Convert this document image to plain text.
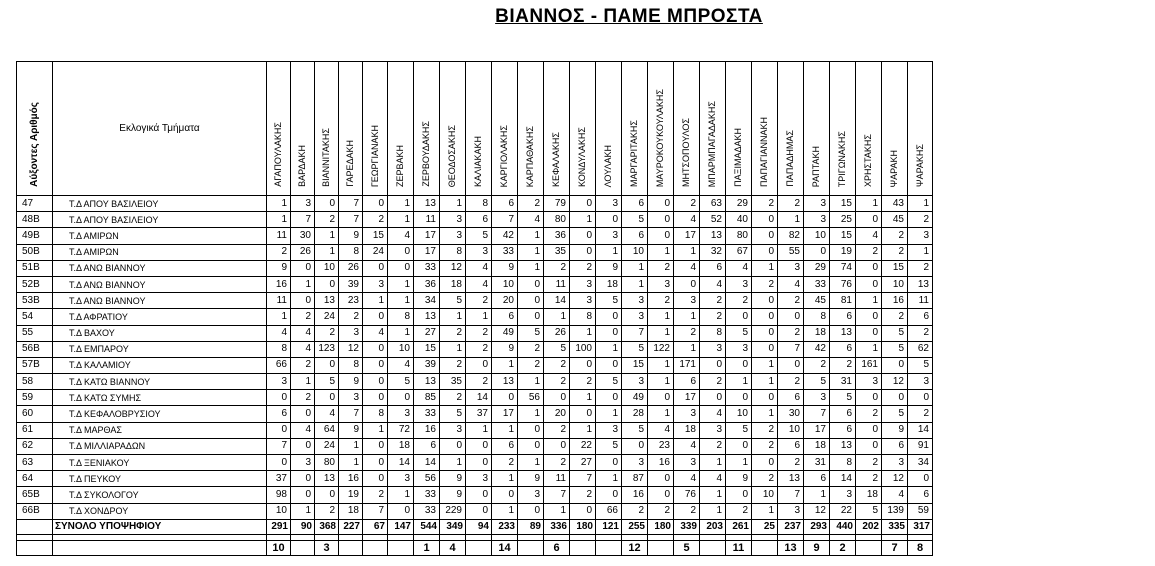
ΒΙΑΝΝΟΣ - ΠΑΜΕ ΜΠΡΟΣΤΑ
Αύξοντες Αριθμός	Εκλογικά Τμήματα	ΑΓΑΠΟΥΛΑΚΗΣ	ΒΑΡΔΑΚΗ	ΒΙΑΝΝΙΤΑΚΗΣ	ΓΑΡΕΔΑΚΗ	ΓΕΩΡΓΙΑΝΑΚΗ	ΖΕΡΒΑΚΗ	ΖΕΡΒΟΥΔΑΚΗΣ	ΘΕΟΔΟΣΑΚΗΣ	ΚΑΛΙΑΚΑΚΗ	ΚΑΡΓΙΟΛΑΚΗΣ	ΚΑΡΠΑΘΑΚΗΣ	ΚΕΦΑΛΑΚΗΣ	ΚΟΝΔΥΛΑΚΗΣ	ΛΟΥΛΑΚΗ	ΜΑΡΓΑΡΙΤΑΚΗΣ	ΜΑΥΡΟΚΟΥΚΟΥΛΑΚΗΣ	ΜΗΤΣΟΠΟΥΛΟΣ	ΜΠΑΡΜΠΑΓΑΔΑΚΗΣ	ΠΑΞΙΜΑΔΑΚΗ	ΠΑΠΑΓΙΑΝΝΑΚΗ	ΠΑΠΑΔΗΜΑΣ	ΡΑΠΤΑΚΗ	ΤΡΙΓΩΝΑΚΗΣ	ΧΡΗΣΤΑΚΗΣ	ΨΑΡΑΚΗ	ΨΑΡΑΚΗΣ
47	Τ.Δ ΑΠΟΥ ΒΑΣΙΛΕΙΟΥ	1	3	0	7	0	1	13	1	8	6	2	79	0	3	6	0	2	63	29	2	2	3	15	1	43	1
48Β	Τ.Δ ΑΠΟΥ ΒΑΣΙΛΕΙΟΥ	1	7	2	7	2	1	11	3	6	7	4	80	1	0	5	0	4	52	40	0	1	3	25	0	45	2
49Β	Τ.Δ ΑΜΙΡΩΝ	11	30	1	9	15	4	17	3	5	42	1	36	0	3	6	0	17	13	80	0	82	10	15	4	2	3
50Β	Τ.Δ ΑΜΙΡΩΝ	2	26	1	8	24	0	17	8	3	33	1	35	0	1	10	1	1	32	67	0	55	0	19	2	2	1
51Β	Τ.Δ ΑΝΩ ΒΙΑΝΝΟΥ	9	0	10	26	0	0	33	12	4	9	1	2	2	9	1	2	4	6	4	1	3	29	74	0	15	2
52Β	Τ.Δ ΑΝΩ ΒΙΑΝΝΟΥ	16	1	0	39	3	1	36	18	4	10	0	11	3	18	1	3	0	4	3	2	4	33	76	0	10	13
53Β	Τ.Δ ΑΝΩ ΒΙΑΝΝΟΥ	11	0	13	23	1	1	34	5	2	20	0	14	3	5	3	2	3	2	2	0	2	45	81	1	16	11
54	Τ.Δ ΑΦΡΑΤΙΟΥ	1	2	24	2	0	8	13	1	1	6	0	1	8	0	3	1	1	2	0	0	0	8	6	0	2	6
55	Τ.Δ ΒΑΧΟΥ	4	4	2	3	4	1	27	2	2	49	5	26	1	0	7	1	2	8	5	0	2	18	13	0	5	2
56Β	Τ.Δ ΕΜΠΑΡΟΥ	8	4	123	12	0	10	15	1	2	9	2	5	100	1	5	122	1	3	3	0	7	42	6	1	5	62
57Β	Τ.Δ ΚΑΛΑΜΙΟΥ	66	2	0	8	0	4	39	2	0	1	2	2	0	0	15	1	171	0	0	1	0	2	2	161	0	5
58	Τ.Δ ΚΑΤΩ ΒΙΑΝΝΟΥ	3	1	5	9	0	5	13	35	2	13	1	2	2	5	3	1	6	2	1	1	2	5	31	3	12	3
59	Τ.Δ ΚΑΤΩ ΣΥΜΗΣ	0	2	0	3	0	0	85	2	14	0	56	0	1	0	49	0	17	0	0	0	6	3	5	0	0	0
60	Τ.Δ ΚΕΦΑΛΟΒΡΥΣΙΟΥ	6	0	4	7	8	3	33	5	37	17	1	20	0	1	28	1	3	4	10	1	30	7	6	2	5	2
61	Τ.Δ ΜΑΡΘΑΣ	0	4	64	9	1	72	16	3	1	1	0	2	1	3	5	4	18	3	5	2	10	17	6	0	9	14
62	Τ.Δ ΜΙΛΛΙΑΡΑΔΩΝ	7	0	24	1	0	18	6	0	0	6	0	0	22	5	0	23	4	2	0	2	6	18	13	0	6	91
63	Τ.Δ ΞΕΝΙΑΚΟΥ	0	3	80	1	0	14	14	1	0	2	1	2	27	0	3	16	3	1	1	0	2	31	8	2	3	34
64	Τ.Δ ΠΕΥΚΟΥ	37	0	13	16	0	3	56	9	3	1	9	11	7	1	87	0	4	4	9	2	13	6	14	2	12	0
65Β	Τ.Δ ΣΥΚΟΛΟΓΟΥ	98	0	0	19	2	1	33	9	0	0	3	7	2	0	16	0	76	1	0	10	7	1	3	18	4	6
66Β	Τ.Δ ΧΟΝΔΡΟΥ	10	1	2	18	7	0	33	229	0	1	0	1	0	66	2	2	2	1	2	1	3	12	22	5	139	59
	ΣΥΝΟΛΟ ΥΠΟΨΗΦΙΟΥ	291	90	368	227	67	147	544	349	94	233	89	336	180	121	255	180	339	203	261	25	237	293	440	202	335	317

		10		3				1	4		14		6			12		5		11		13	9	2		7	8
